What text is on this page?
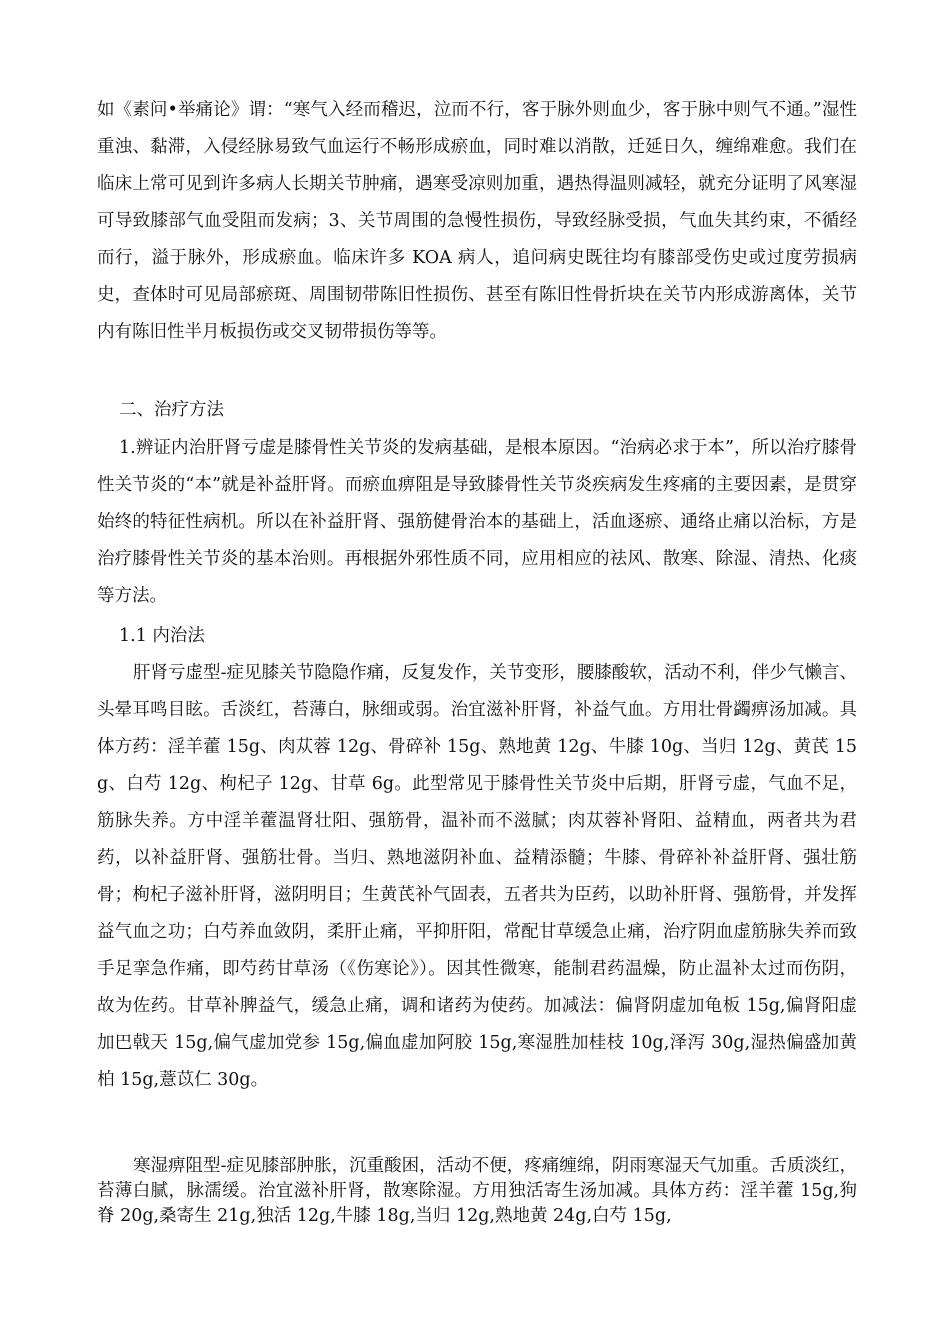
如《素问•举痛论》谓：“寒气入经而稽迟，泣而不行，客于脉外则血少，客于脉中则气不通。”湿性重浊、黏滞，入侵经脉易致气血运行不畅形成瘀血，同时难以消散，迁延日久，缠绵难愈。我们在临床上常可见到许多病人长期关节肿痛，遇寒受凉则加重，遇热得温则减轻，就充分证明了风寒湿可导致膝部气血受阻而发病；3、关节周围的急慢性损伤，导致经脉受损，气血失其约束，不循经而行，溢于脉外，形成瘀血。临床许多 KOA 病人，追问病史既往均有膝部受伤史或过度劳损病史，查体时可见局部瘀斑、周围韧带陈旧性损伤、甚至有陈旧性骨折块在关节内形成游离体，关节内有陈旧性半月板损伤或交叉韧带损伤等等。

二、治疗方法

1.辨证内治肝肾亏虚是膝骨性关节炎的发病基础，是根本原因。“治病必求于本”，所以治疗膝骨性关节炎的“本”就是补益肝肾。而瘀血痹阻是导致膝骨性关节炎疾病发生疼痛的主要因素，是贯穿始终的特征性病机。所以在补益肝肾、强筋健骨治本的基础上，活血逐瘀、通络止痛以治标，方是治疗膝骨性关节炎的基本治则。再根据外邪性质不同，应用相应的祛风、散寒、除湿、清热、化痰等方法。

1.1 内治法

肝肾亏虚型-症见膝关节隐隐作痛，反复发作，关节变形，腰膝酸软，活动不利，伴少气懒言、头晕耳鸣目眩。舌淡红，苔薄白，脉细或弱。治宜滋补肝肾，补益气血。方用壮骨蠲痹汤加减。具体方药：淫羊藿 15g、肉苁蓉 12g、骨碎补 15g、熟地黄 12g、牛膝 10g、当归 12g、黄芪 15g、白芍 12g、枸杞子 12g、甘草 6g。此型常见于膝骨性关节炎中后期，肝肾亏虚，气血不足，筋脉失养。方中淫羊藿温肾壮阳、强筋骨，温补而不滋腻；肉苁蓉补肾阳、益精血，两者共为君药，以补益肝肾、强筋壮骨。当归、熟地滋阴补血、益精添髓；牛膝、骨碎补补益肝肾、强壮筋骨；枸杞子滋补肝肾，滋阴明目；生黄芪补气固表，五者共为臣药，以助补肝肾、强筋骨，并发挥益气血之功；白芍养血敛阴，柔肝止痛，平抑肝阳，常配甘草缓急止痛，治疗阴血虚筋脉失养而致手足挛急作痛，即芍药甘草汤（《伤寒论》）。因其性微寒，能制君药温燥，防止温补太过而伤阴，故为佐药。甘草补脾益气，缓急止痛，调和诸药为使药。加减法：偏肾阴虚加龟板 15g,偏肾阳虚加巴戟天 15g,偏气虚加党参 15g,偏血虚加阿胶 15g,寒湿胜加桂枝 10g,泽泻 30g,湿热偏盛加黄柏 15g,薏苡仁 30g。

寒湿痹阻型-症见膝部肿胀，沉重酸困，活动不便，疼痛缠绵，阴雨寒湿天气加重。舌质淡红，苔薄白腻，脉濡缓。治宜滋补肝肾，散寒除湿。方用独活寄生汤加减。具体方药：淫羊藿 15g,狗脊 20g,桑寄生 21g,独活 12g,牛膝 18g,当归 12g,熟地黄 24g,白芍 15g,
